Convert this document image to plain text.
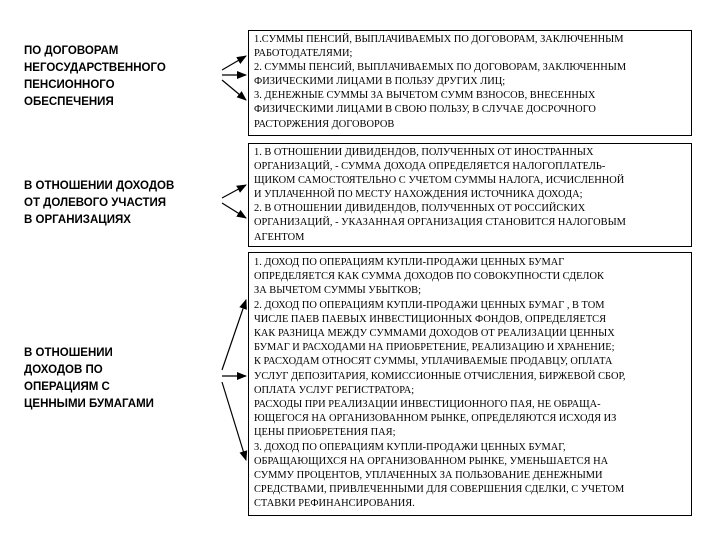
ПО ДОГОВОРАМ
НЕГОСУДАРСТВЕННОГО
ПЕНСИОННОГО
ОБЕСПЕЧЕНИЯ
В ОТНОШЕНИИ ДОХОДОВ
ОТ ДОЛЕВОГО УЧАСТИЯ
В ОРГАНИЗАЦИЯХ
В ОТНОШЕНИИ
ДОХОДОВ ПО
ОПЕРАЦИЯМ С
ЦЕННЫМИ БУМАГАМИ
1.СУММЫ ПЕНСИЙ, ВЫПЛАЧИВАЕМЫХ ПО ДОГОВОРАМ, ЗАКЛЮЧЕННЫМ
РАБОТОДАТЕЛЯМИ;
2. СУММЫ ПЕНСИЙ, ВЫПЛАЧИВАЕМЫХ ПО ДОГОВОРАМ, ЗАКЛЮЧЕННЫМ
ФИЗИЧЕСКИМИ ЛИЦАМИ В ПОЛЬЗУ ДРУГИХ ЛИЦ;
3. ДЕНЕЖНЫЕ СУММЫ ЗА ВЫЧЕТОМ СУММ ВЗНОСОВ, ВНЕСЕННЫХ
ФИЗИЧЕСКИМИ ЛИЦАМИ В СВОЮ ПОЛЬЗУ, В СЛУЧАЕ ДОСРОЧНОГО
РАСТОРЖЕНИЯ ДОГОВОРОВ
1. В ОТНОШЕНИИ ДИВИДЕНДОВ, ПОЛУЧЕННЫХ ОТ ИНОСТРАННЫХ
ОРГАНИЗАЦИЙ, - СУММА ДОХОДА ОПРЕДЕЛЯЕТСЯ НАЛОГОПЛАТЕЛЬ-
ЩИКОМ САМОСТОЯТЕЛЬНО С УЧЕТОМ СУММЫ НАЛОГА, ИСЧИСЛЕННОЙ
И УПЛАЧЕННОЙ ПО МЕСТУ НАХОЖДЕНИЯ ИСТОЧНИКА ДОХОДА;
2. В ОТНОШЕНИИ ДИВИДЕНДОВ, ПОЛУЧЕННЫХ ОТ РОССИЙСКИХ
ОРГАНИЗАЦИЙ, - УКАЗАННАЯ ОРГАНИЗАЦИЯ СТАНОВИТСЯ НАЛОГОВЫМ
АГЕНТОМ
1. ДОХОД ПО ОПЕРАЦИЯМ КУПЛИ-ПРОДАЖИ ЦЕННЫХ БУМАГ
ОПРЕДЕЛЯЕТСЯ КАК СУММА ДОХОДОВ ПО СОВОКУПНОСТИ СДЕЛОК
ЗА ВЫЧЕТОМ СУММЫ УБЫТКОВ;
2. ДОХОД ПО ОПЕРАЦИЯМ КУПЛИ-ПРОДАЖИ ЦЕННЫХ БУМАГ , В ТОМ
ЧИСЛЕ ПАЕВ ПАЕВЫХ ИНВЕСТИЦИОННЫХ ФОНДОВ, ОПРЕДЕЛЯЕТСЯ
КАК РАЗНИЦА МЕЖДУ СУММАМИ ДОХОДОВ ОТ РЕАЛИЗАЦИИ ЦЕННЫХ
БУМАГ И РАСХОДАМИ НА ПРИОБРЕТЕНИЕ, РЕАЛИЗАЦИЮ И ХРАНЕНИЕ;
К РАСХОДАМ ОТНОСЯТ СУММЫ, УПЛАЧИВАЕМЫЕ ПРОДАВЦУ, ОПЛАТА
УСЛУГ ДЕПОЗИТАРИЯ, КОМИССИОННЫЕ ОТЧИСЛЕНИЯ, БИРЖЕВОЙ СБОР,
ОПЛАТА УСЛУГ РЕГИСТРАТОРА;
РАСХОДЫ ПРИ РЕАЛИЗАЦИИ ИНВЕСТИЦИОННОГО ПАЯ, НЕ ОБРАЩА-
ЮЩЕГОСЯ НА ОРГАНИЗОВАННОМ РЫНКЕ, ОПРЕДЕЛЯЮТСЯ ИСХОДЯ ИЗ
ЦЕНЫ ПРИОБРЕТЕНИЯ ПАЯ;
3. ДОХОД ПО ОПЕРАЦИЯМ КУПЛИ-ПРОДАЖИ ЦЕННЫХ БУМАГ,
ОБРАЩАЮЩИХСЯ НА ОРГАНИЗОВАННОМ РЫНКЕ, УМЕНЬШАЕТСЯ НА
СУММУ ПРОЦЕНТОВ, УПЛАЧЕННЫХ ЗА ПОЛЬЗОВАНИЕ ДЕНЕЖНЫМИ
СРЕДСТВАМИ, ПРИВЛЕЧЕННЫМИ ДЛЯ СОВЕРШЕНИЯ СДЕЛКИ, С УЧЕТОМ
СТАВКИ РЕФИНАНСИРОВАНИЯ.
